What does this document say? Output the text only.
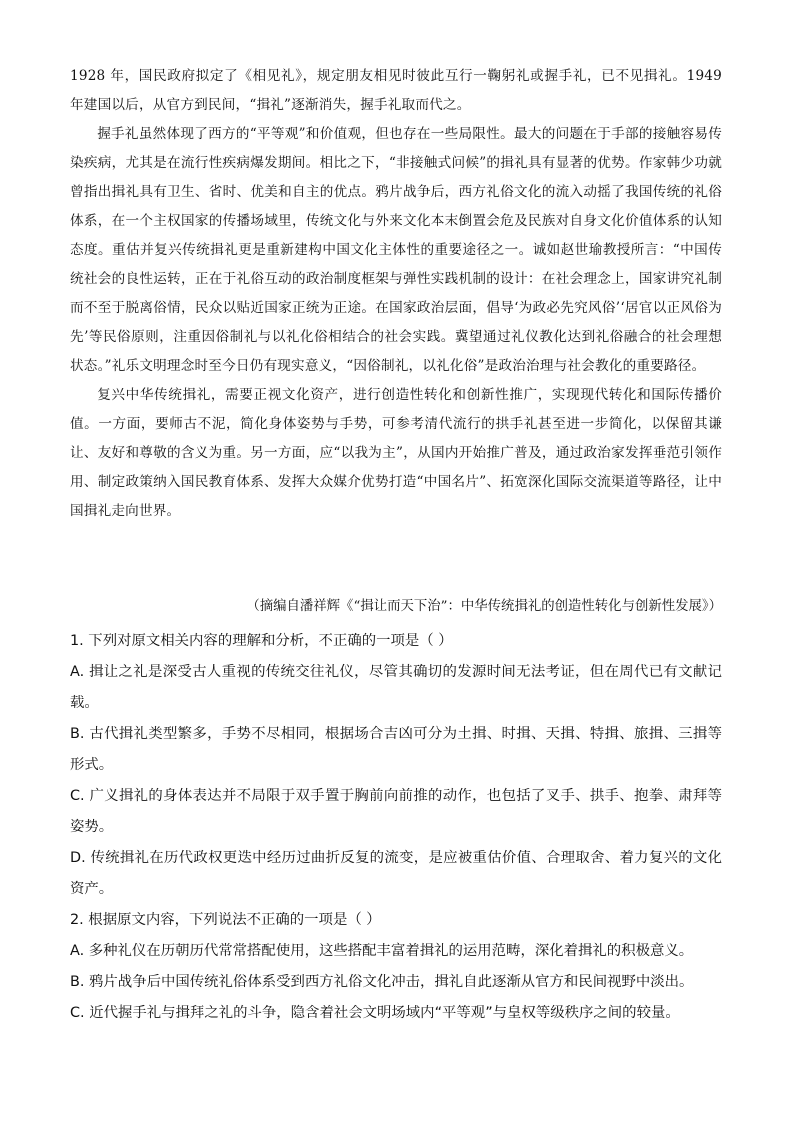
1928 年，国民政府拟定了《相见礼》，规定朋友相见时彼此互行一鞠躬礼或握手礼，已不见揖礼。1949 年建国以后，从官方到民间，“揖礼”逐渐消失，握手礼取而代之。

握手礼虽然体现了西方的“平等观”和价值观，但也存在一些局限性。最大的问题在于手部的接触容易传染疾病，尤其是在流行性疾病爆发期间。相比之下，“非接触式问候”的揖礼具有显著的优势。作家韩少功就曾指出揖礼具有卫生、省时、优美和自主的优点。鸦片战争后，西方礼俗文化的流入动摇了我国传统的礼俗体系，在一个主权国家的传播场域里，传统文化与外来文化本末倒置会危及民族对自身文化价值体系的认知态度。重估并复兴传统揖礼更是重新建构中国文化主体性的重要途径之一。诚如赵世瑜教授所言：“中国传统社会的良性运转，正在于礼俗互动的政治制度框架与弹性实践机制的设计：在社会理念上，国家讲究礼制而不至于脱离俗情，民众以贴近国家正统为正途。在国家政治层面，倡导‘为政必先究风俗’‘居官以正风俗为先’等民俗原则，注重因俗制礼与以礼化俗相结合的社会实践。冀望通过礼仪教化达到礼俗融合的社会理想状态。”礼乐文明理念时至今日仍有现实意义，“因俗制礼，以礼化俗”是政治治理与社会教化的重要路径。

复兴中华传统揖礼，需要正视文化资产，进行创造性转化和创新性推广，实现现代转化和国际传播价值。一方面，要师古不泥，简化身体姿势与手势，可参考清代流行的拱手礼甚至进一步简化，以保留其谦让、友好和尊敬的含义为重。另一方面，应“以我为主”，从国内开始推广普及，通过政治家发挥垂范引领作用、制定政策纳入国民教育体系、发挥大众媒介优势打造“中国名片”、拓宽深化国际交流渠道等路径，让中国揖礼走向世界。

（摘编自潘祥辉《“揖让而天下治”：中华传统揖礼的创造性转化与创新性发展》）

1. 下列对原文相关内容的理解和分析，不正确的一项是（ ）

A. 揖让之礼是深受古人重视的传统交往礼仪，尽管其确切的发源时间无法考证，但在周代已有文献记载。

B. 古代揖礼类型繁多，手势不尽相同，根据场合吉凶可分为土揖、时揖、天揖、特揖、旅揖、三揖等形式。

C. 广义揖礼的身体表达并不局限于双手置于胸前向前推的动作，也包括了叉手、拱手、抱拳、肃拜等姿势。

D. 传统揖礼在历代政权更迭中经历过曲折反复的流变，是应被重估价值、合理取舍、着力复兴的文化资产。

2. 根据原文内容，下列说法不正确的一项是（ ）

A. 多种礼仪在历朝历代常常搭配使用，这些搭配丰富着揖礼的运用范畴，深化着揖礼的积极意义。

B. 鸦片战争后中国传统礼俗体系受到西方礼俗文化冲击，揖礼自此逐渐从官方和民间视野中淡出。

C. 近代握手礼与揖拜之礼的斗争，隐含着社会文明场域内“平等观”与皇权等级秩序之间的较量。
